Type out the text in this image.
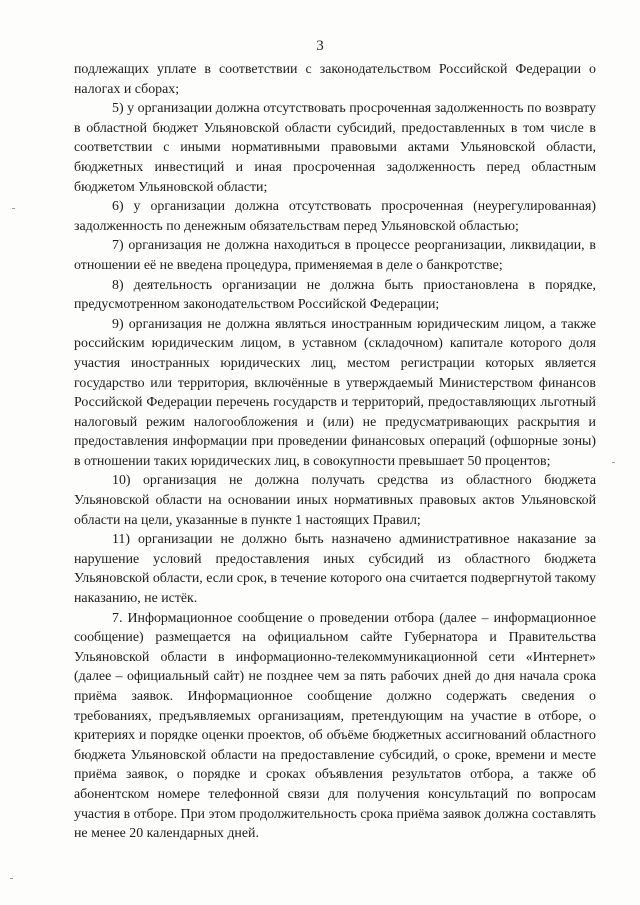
3

подлежащих уплате в соответствии с законодательством Российской Федерации о налогах и сборах;

5) у организации должна отсутствовать просроченная задолженность по возврату в областной бюджет Ульяновской области субсидий, предоставленных в том числе в соответствии с иными нормативными правовыми актами Ульяновской области, бюджетных инвестиций и иная просроченная задолженность перед областным бюджетом Ульяновской области;

6) у организации должна отсутствовать просроченная (неурегулированная) задолженность по денежным обязательствам перед Ульяновской областью;

7) организация не должна находиться в процессе реорганизации, ликвидации, в отношении её не введена процедура, применяемая в деле о банкротстве;

8) деятельность организации не должна быть приостановлена в порядке, предусмотренном законодательством Российской Федерации;

9) организация не должна являться иностранным юридическим лицом, а также российским юридическим лицом, в уставном (складочном) капитале которого доля участия иностранных юридических лиц, местом регистрации которых является государство или территория, включённые в утверждаемый Министерством финансов Российской Федерации перечень государств и территорий, предоставляющих льготный налоговый режим налогообложения и (или) не предусматривающих раскрытия и предоставления информации при проведении финансовых операций (офшорные зоны) в отношении таких юридических лиц, в совокупности превышает 50 процентов;

10) организация не должна получать средства из областного бюджета Ульяновской области на основании иных нормативных правовых актов Ульяновской области на цели, указанные в пункте 1 настоящих Правил;

11) организации не должно быть назначено административное наказание за нарушение условий предоставления иных субсидий из областного бюджета Ульяновской области, если срок, в течение которого она считается подвергнутой такому наказанию, не истёк.

7. Информационное сообщение о проведении отбора (далее – информационное сообщение) размещается на официальном сайте Губернатора и Правительства Ульяновской области в информационно-телекоммуникационной сети «Интернет» (далее – официальный сайт) не позднее чем за пять рабочих дней до дня начала срока приёма заявок. Информационное сообщение должно содержать сведения о требованиях, предъявляемых организациям, претендующим на участие в отборе, о критериях и порядке оценки проектов, об объёме бюджетных ассигнований областного бюджета Ульяновской области на предоставление субсидий, о сроке, времени и месте приёма заявок, о порядке и сроках объявления результатов отбора, а также об абонентском номере телефонной связи для получения консультаций по вопросам участия в отборе. При этом продолжительность срока приёма заявок должна составлять не менее 20 календарных дней.
